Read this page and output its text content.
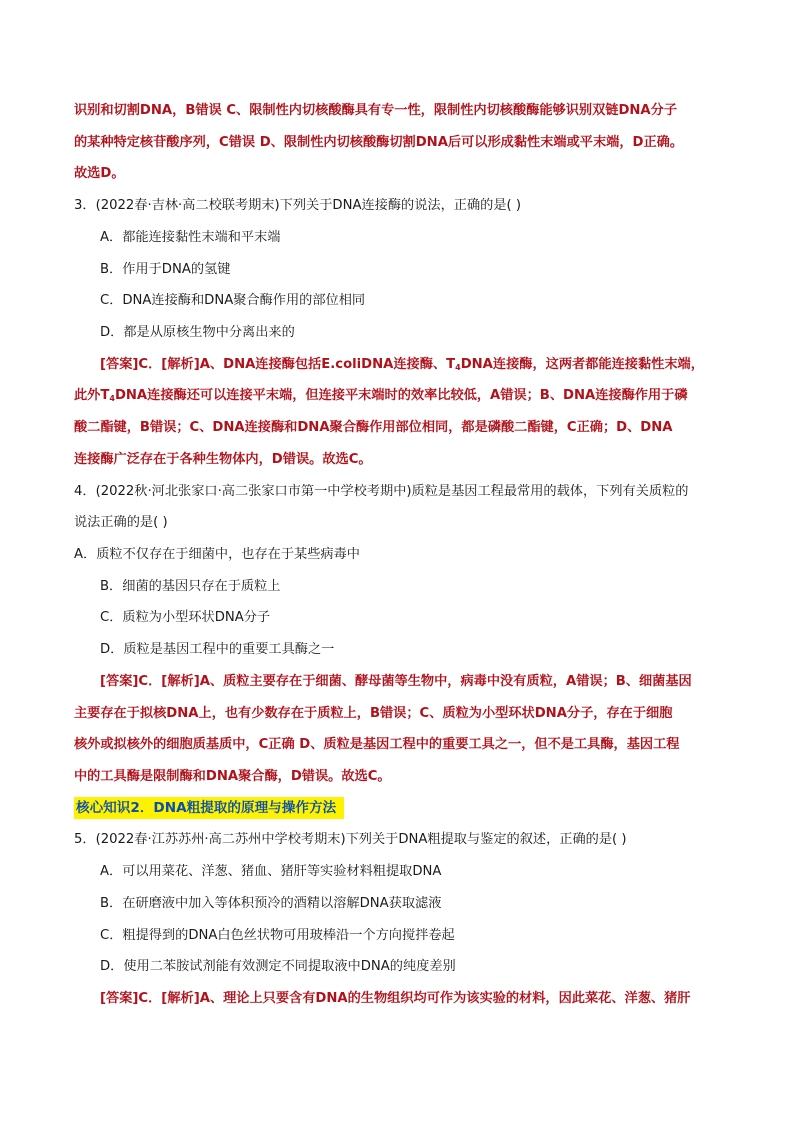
识别和切割DNA，B错误 C、限制性内切核酸酶具有专一性，限制性内切核酸酶能够识别双链DNA分子
的某种特定核苷酸序列，C错误 D、限制性内切核酸酶切割DNA后可以形成黏性末端或平末端，D正确。
故选D。
3．(2022春·吉林·高二校联考期末)下列关于DNA连接酶的说法，正确的是( )
A．都能连接黏性末端和平末端
B．作用于DNA的氢键
C．DNA连接酶和DNA聚合酶作用的部位相同
D．都是从原核生物中分离出来的
[答案]C．[解析]A、DNA连接酶包括E.coliDNA连接酶、$T_4DNA$连接酶，这两者都能连接黏性末端，
此外$T_4DNA$连接酶还可以连接平末端，但连接平末端时的效率比较低，A错误；B、DNA连接酶作用于磷
酸二酯键，B错误；C、DNA连接酶和DNA聚合酶作用部位相同，都是磷酸二酯键，C正确；D、DNA
连接酶广泛存在于各种生物体内，D错误。故选C。
4．(2022秋·河北张家口·高二张家口市第一中学校考期中)质粒是基因工程最常用的载体，下列有关质粒的
说法正确的是( )
A．质粒不仅存在于细菌中，也存在于某些病毒中
B．细菌的基因只存在于质粒上
C．质粒为小型环状DNA分子
D．质粒是基因工程中的重要工具酶之一
[答案]C．[解析]A、质粒主要存在于细菌、酵母菌等生物中，病毒中没有质粒，A错误；B、细菌基因
主要存在于拟核DNA上，也有少数存在于质粒上，B错误；C、质粒为小型环状DNA分子，存在于细胞
核外或拟核外的细胞质基质中，C正确 D、质粒是基因工程中的重要工具之一，但不是工具酶，基因工程
中的工具酶是限制酶和DNA聚合酶，D错误。故选C。
核心知识2．DNA粗提取的原理与操作方法
5．(2022春·江苏苏州·高二苏州中学校考期末)下列关于DNA粗提取与鉴定的叙述，正确的是( )
A．可以用菜花、洋葱、猪血、猪肝等实验材料粗提取DNA
B．在研磨液中加入等体积预冷的酒精以溶解DNA获取滤液
C．粗提得到的DNA白色丝状物可用玻棒沿一个方向搅拌卷起
D．使用二苯胺试剂能有效测定不同提取液中DNA的纯度差别
[答案]C．[解析]A、理论上只要含有DNA的生物组织均可作为该实验的材料，因此菜花、洋葱、猪肝
